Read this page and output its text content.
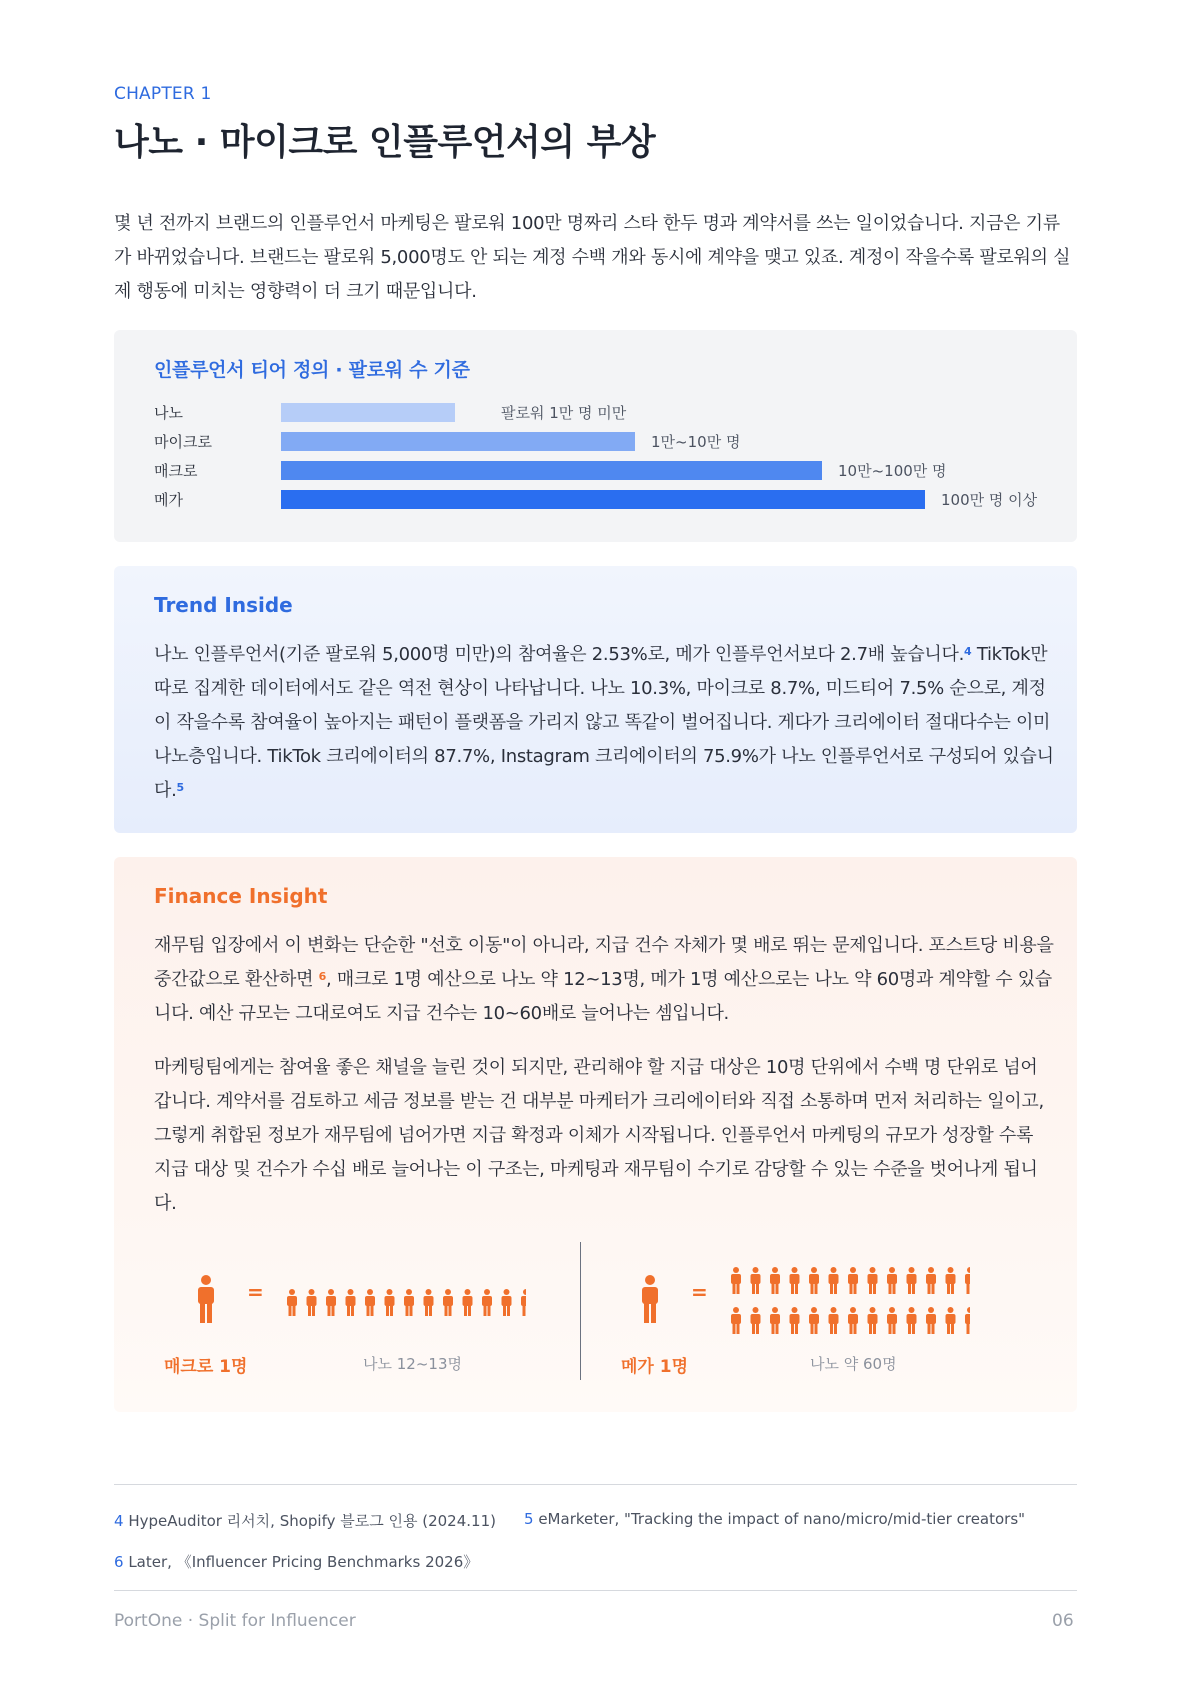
CHAPTER 1
나노 · 마이크로 인플루언서의 부상

몇 년 전까지 브랜드의 인플루언서 마케팅은 팔로워 100만 명짜리 스타 한두 명과 계약서를 쓰는 일이었습니다. 지금은 기류가 바뀌었습니다. 브랜드는 팔로워 5,000명도 안 되는 계정 수백 개와 동시에 계약을 맺고 있죠. 계정이 작을수록 팔로워의 실제 행동에 미치는 영향력이 더 크기 때문입니다.

인플루언서 티어 정의 · 팔로워 수 기준
나노	팔로워 1만 명 미만
마이크로	1만~10만 명
매크로	10만~100만 명
메가	100만 명 이상
Trend Inside

나노 인플루언서(기준 팔로워 5,000명 미만)의 참여율은 2.53%로, 메가 인플루언서보다 2.7배 높습니다.$^4$ TikTok만 따로 집계한 데이터에서도 같은 역전 현상이 나타납니다. 나노 10.3%, 마이크로 8.7%, 미드티어 7.5% 순으로, 계정이 작을수록 참여율이 높아지는 패턴이 플랫폼을 가리지 않고 똑같이 벌어집니다. 게다가 크리에이터 절대다수는 이미 나노층입니다. TikTok 크리에이터의 87.7%, Instagram 크리에이터의 75.9%가 나노 인플루언서로 구성되어 있습니다.$^5$

Finance Insight

재무팀 입장에서 이 변화는 단순한 "선호 이동"이 아니라, 지급 건수 자체가 몇 배로 뛰는 문제입니다. 포스트당 비용을 중간값으로 환산하면 $^6$, 매크로 1명 예산으로 나노 약 12~13명, 메가 1명 예산으로는 나노 약 60명과 계약할 수 있습니다. 예산 규모는 그대로여도 지급 건수는 10~60배로 늘어나는 셈입니다.

마케팅팀에게는 참여율 좋은 채널을 늘린 것이 되지만, 관리해야 할 지급 대상은 10명 단위에서 수백 명 단위로 넘어 갑니다. 계약서를 검토하고 세금 정보를 받는 건 대부분 마케터가 크리에이터와 직접 소통하며 먼저 처리하는 일이고, 그렇게 취합된 정보가 재무팀에 넘어가면 지급 확정과 이체가 시작됩니다. 인플루언서 마케팅의 규모가 성장할 수록 지급 대상 및 건수가 수십 배로 늘어나는 이 구조는, 마케팅과 재무팀이 수기로 감당할 수 있는 수준을 벗어나게 됩니다.

=
매크로 1명	나노 12~13명
=
메가 1명	나노 약 60명
4 HypeAuditor 리서치, Shopify 블로그 인용 (2024.11) 5 eMarketer, "Tracking the impact of nano/micro/mid-tier creators"
6 Later, 《Influencer Pricing Benchmarks 2026》
PortOne · Split for Influencer	06
